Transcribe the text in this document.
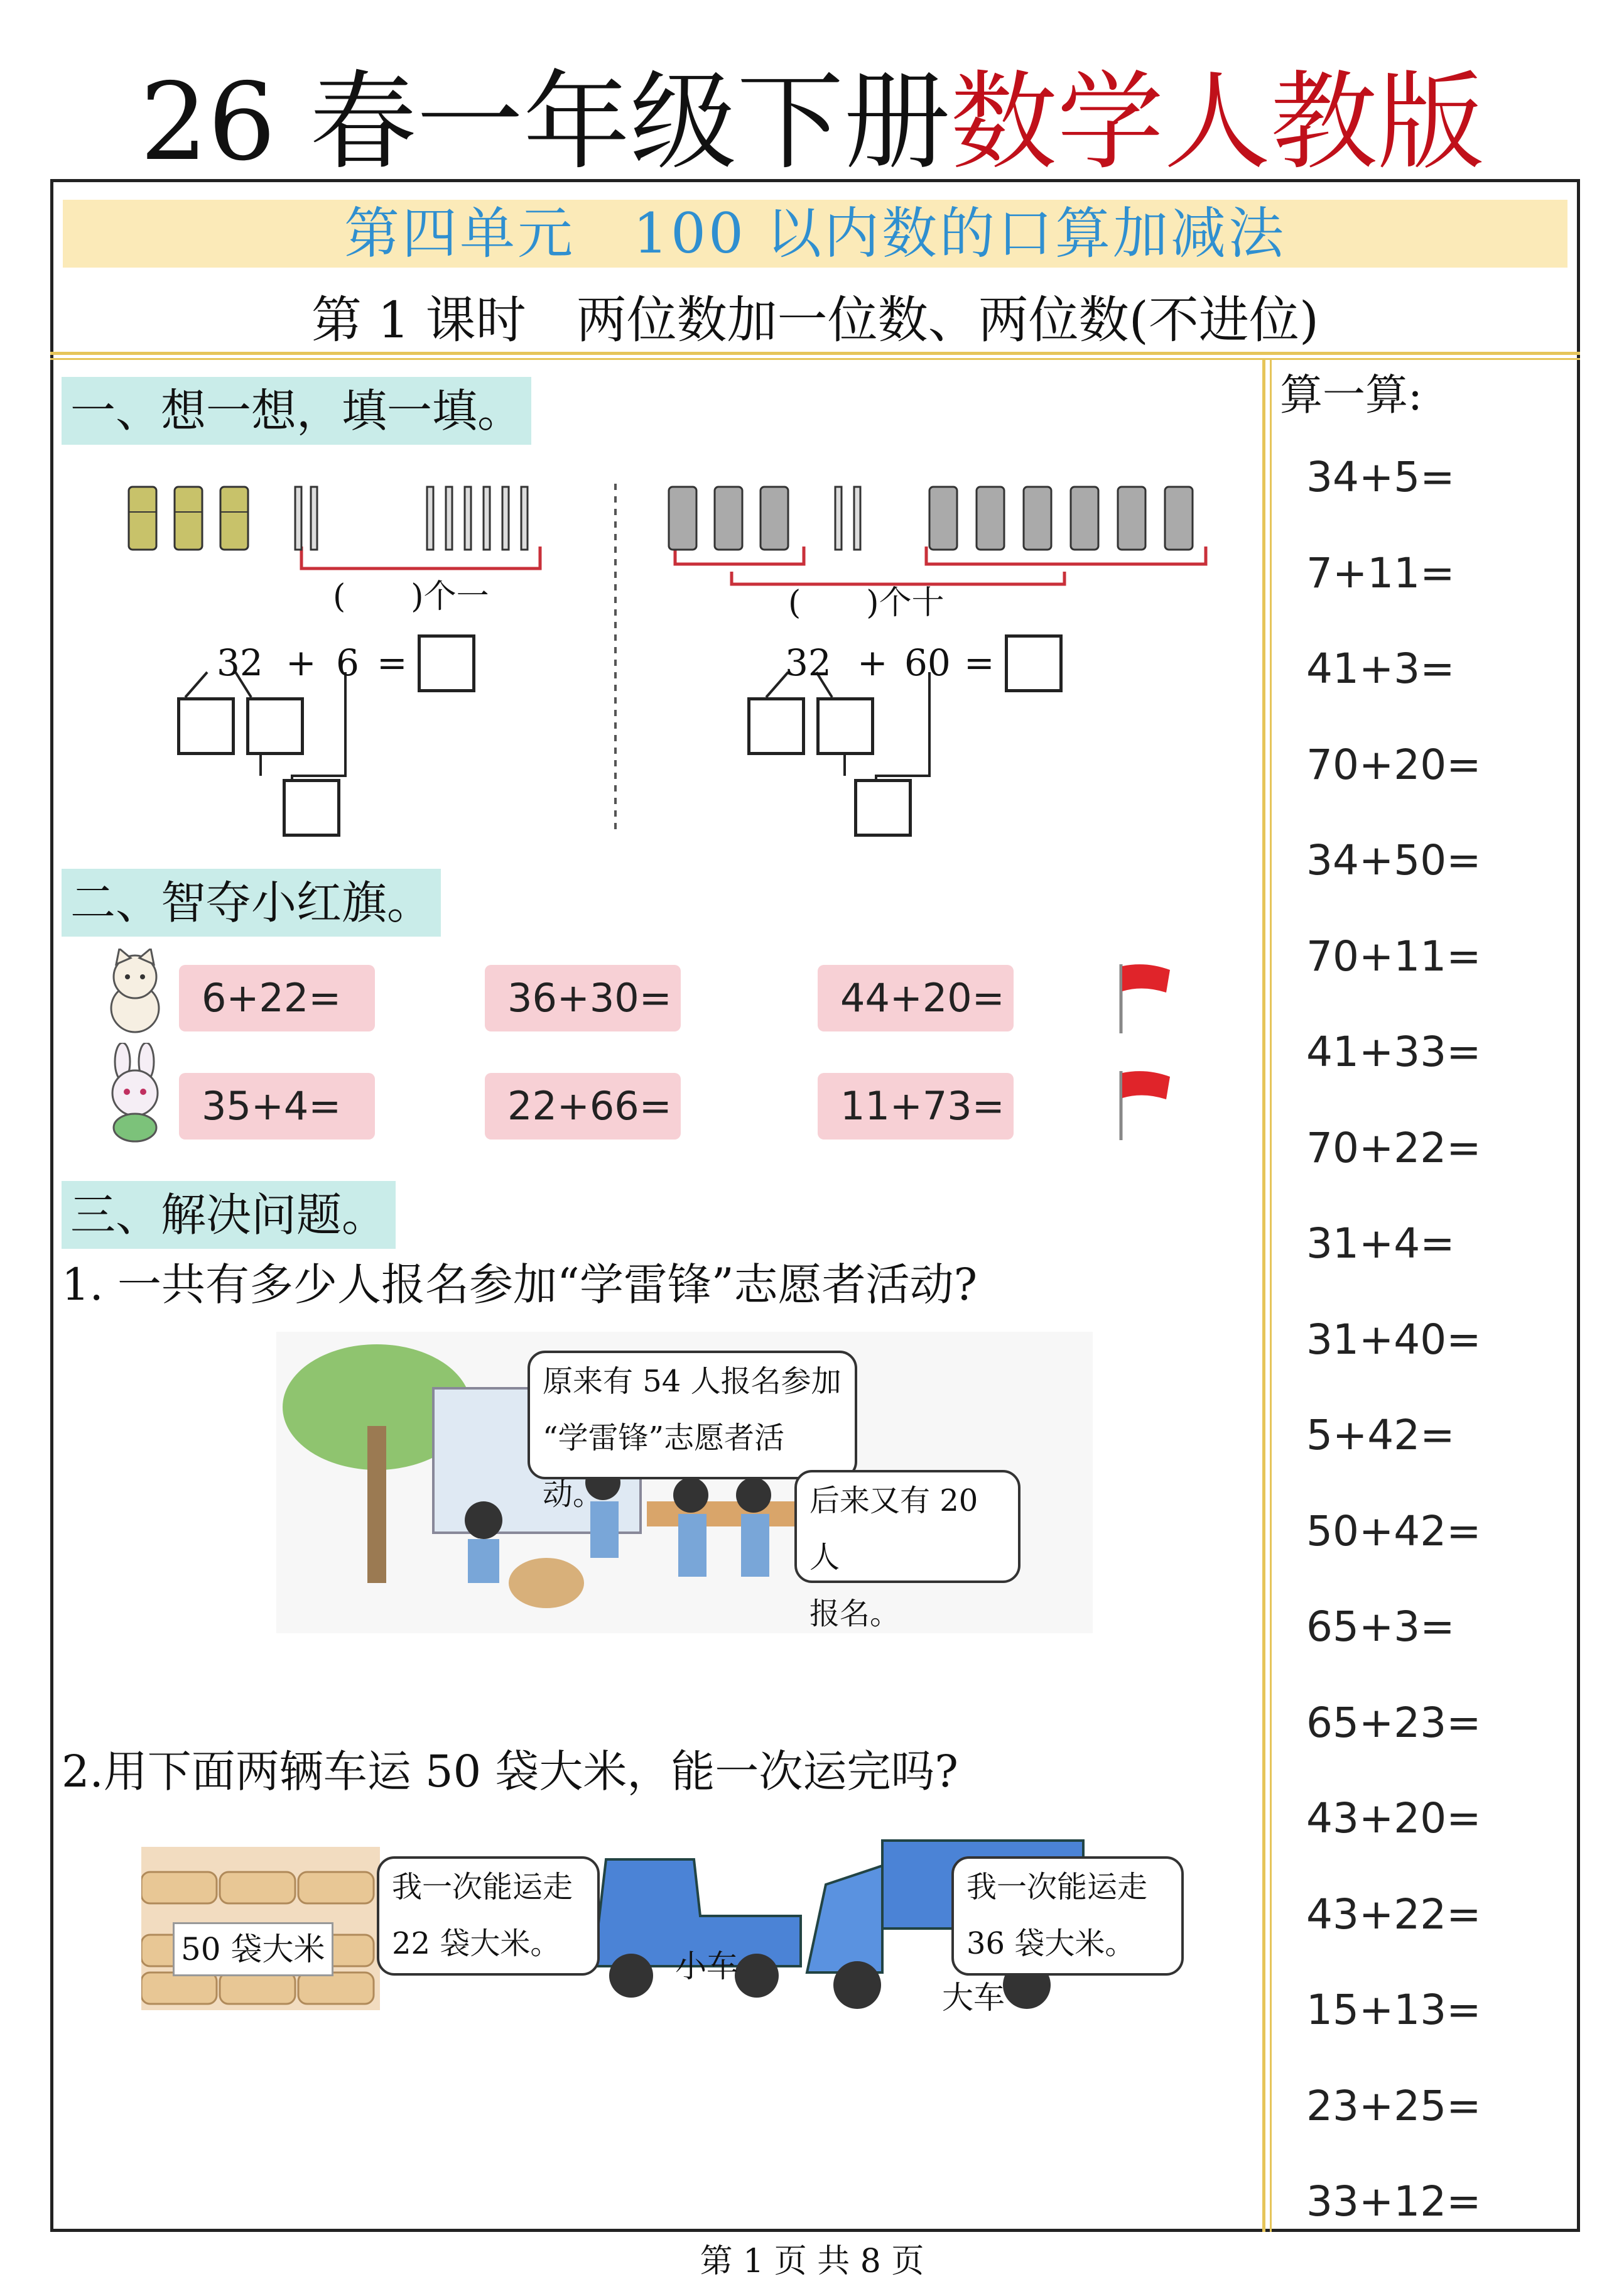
26 春一年级下册数学人教版
第四单元　100 以内数的口算加减法
第 1 课时　两位数加一位数、两位数(不进位)
一、想一想，填一填。
(　　)个一
32 + 6 =
(　　)个十
32 + 60 =
二、智夺小红旗。
6+22=	36+30=	44+20=
35+4=	22+66=	11+73=
三、解决问题。
1. 一共有多少人报名参加“学雷锋”志愿者活动?
原来有 54 人报名参加
“学雷锋”志愿者活动。	后来又有 20 人
报名。
2.用下面两辆车运 50 袋大米，能一次运完吗?
50 袋大米
我一次能运走
22 袋大米。
我一次能运走
36 袋大米。
小车
大车
算一算:
34+5=
7+11=
41+3=
70+20=
34+50=
70+11=
41+33=
70+22=
31+4=
31+40=
5+42=
50+42=
65+3=
65+23=
43+20=
43+22=
15+13=
23+25=
33+12=
第 1 页 共 8 页
